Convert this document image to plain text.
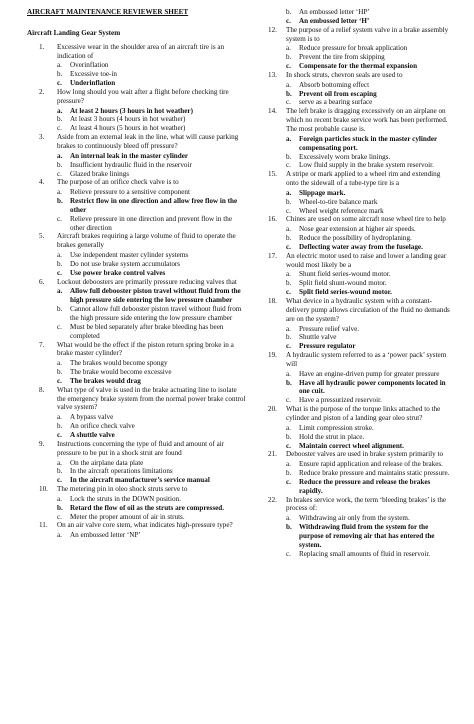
AIRCRAFT MAINTENANCE REVIEWER SHEET
Aircraft Landing Gear System
1. Excessive wear in the shoulder area of an aircraft tire is an indication of
a.	Overinflation
b.	Excessive toe-in
c.	Underinflation
2. How long should you wait after a flight before checking tire pressure?
a.	At least 2 hours (3 hours in hot weather)
b.	At least 3 hours (4 hours in hot weather)
c.	At least 4 hours (5 hours in hot weather)
3. Aside from an external leak in the line, what will cause parking brakes to continuously bleed off pressure?
a.	An internal leak in the master cylinder
b.	Insufficient hydraulic fluid in the reservoir
c.	Glazed brake linings
4. The purpose of an orifice check valve is to
a.	Relieve pressure to a sensitive component
b.	Restrict flow in one direction and allow free flow in the other
c.	Relieve pressure in one direction and prevent flow in the other direction
5. Aircraft brakes requiring a large volume of fluid to operate the brakes generally
a.	Use independent master cylinder systems
b.	Do not use brake system accumulators
c.	Use power brake control valves
6. Lockout deboosters are primarily pressure reducing valves that
a.	Allow full debooster piston travel without fluid from the high pressure side entering the low pressure chamber
b.	Cannot allow full debooster piston travel without fluid from the high pressure side entering the low pressure chamber
c.	Must be bled separately after brake bleeding has been completed
7. What would be the effect if the piston return spring broke in a brake master cylinder?
a.	The brakes would become spongy
b.	The brake would become excessive
c.	The brakes would drag
8. What type of valve is used in the brake actuating line to isolate the emergency brake system from the normal power brake control valve system?
a.	A bypass valve
b.	An orifice check valve
c.	A shuttle valve
9. Instructions concerning the type of fluid and amount of air pressure to be put in a shock strut are found
a.	On the airplane data plate
b.	In the aircraft operations limitations
c.	In the aircraft manufacturer’s service manual
10. The metering pin in oleo shock struts serve to
a.	Lock the struts in the DOWN position.
b.	Retard the flow of oil as the struts are compressed.
c.	Meter the proper amount of air in struts.
11. On an air valve core stem, what indicates high-pressure type?
a.	An embossed letter ‘NP’
b.	An embossed letter ‘HP’
c.	An embossed letter ‘H’
12. The purpose of a relief system valve in a brake assembly system is to
a.	Reduce pressure for break application
b.	Prevent the tire from skipping
c.	Compensate for the thermal expansion
13. In shock struts, chevron seals are used to
a.	Absorb bottoming effect
b.	Prevent oil from escaping
c.	serve as a bearing surface
14. The left brake is dragging excessively on an airplane on which no recent brake service work has been performed. The most probable cause is.
a.	Foreign particles stuck in the master cylinder compensating port.
b.	Excessively worn brake linings.
c.	Low fluid supply in the brake system reservoir.
15. A stripe or mark applied to a wheel rim and extending onto the sidewall of a tube-type tire is a
a.	Slippage mark.
b.	Wheel-to-tire balance mark
c.	Wheel weight reference mark
16. Chines are used on some aircraft nose wheel tire to help
a.	Nose gear extension at higher air speeds.
b.	Reduce the possibility of hydroplaning.
c.	Deflecting water away from the fuselage.
17. An electric motor used to raise and lower a landing gear would most likely be a
a.	Shunt field series-wound motor.
b.	Split field shunt-wound motor.
c.	Split field series-wound motor.
18. What device in a hydraulic system with a constant-delivery pump allows circulation of the fluid no demands are on the system?
a.	Pressure relief valve.
b.	Shuttle valve
c.	Pressure regulator
19. A hydraulic system referred to as a ‘power pack’ system will
a.	Have an engine-driven pump for greater pressure
b.	Have all hydraulic power components located in one cuit.
c.	Have a pressurized reservoir.
20. What is the purpose of the torque links attached to the cylinder and piston of a landing gear oleo strut?
a.	Limit compression stroke.
b.	Hold the strut in place.
c.	Maintain correct wheel alignment.
21. Debooster valves are used in brake system primarily to
a.	Ensure rapid application and release of the brakes.
b.	Reduce brake pressure and maintains static pressure.
c.	Reduce the pressure and release the brakes rapidly.
22. In brakes service work, the term ‘bleeding brakes’ is the process of:
a.	Withdrawing air only from the system.
b.	Withdrawing fluid from the system for the purpose of removing air that has entered the system.
c.	Replacing small amounts of fluid in reservoir.
